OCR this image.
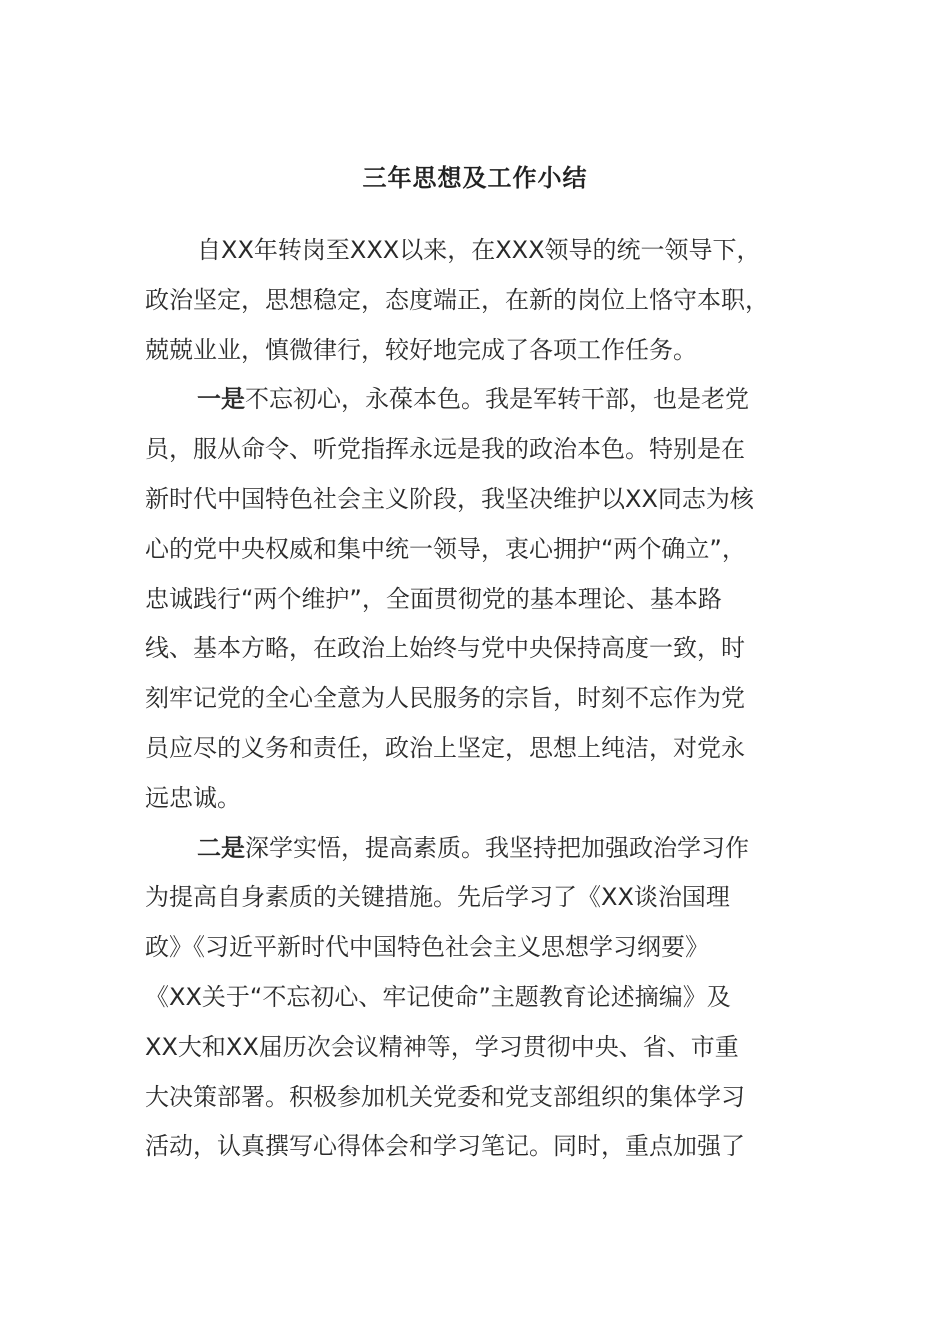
三年思想及工作小结
自XX年转岗至XXX以来，在XXX领导的统一领导下，
政治坚定，思想稳定，态度端正，在新的岗位上恪守本职，
兢兢业业，慎微律行，较好地完成了各项工作任务。
一是不忘初心，永葆本色。我是军转干部，也是老党
员，服从命令、听党指挥永远是我的政治本色。特别是在
新时代中国特色社会主义阶段，我坚决维护以XX同志为核
心的党中央权威和集中统一领导，衷心拥护“两个确立”，
忠诚践行“两个维护”，全面贯彻党的基本理论、基本路
线、基本方略，在政治上始终与党中央保持高度一致，时
刻牢记党的全心全意为人民服务的宗旨，时刻不忘作为党
员应尽的义务和责任，政治上坚定，思想上纯洁，对党永
远忠诚。
二是深学实悟，提高素质。我坚持把加强政治学习作
为提高自身素质的关键措施。先后学习了《XX谈治国理
政》《习近平新时代中国特色社会主义思想学习纲要》
《XX关于“不忘初心、牢记使命”主题教育论述摘编》及
XX大和XX届历次会议精神等，学习贯彻中央、省、市重
大决策部署。积极参加机关党委和党支部组织的集体学习
活动，认真撰写心得体会和学习笔记。同时，重点加强了
